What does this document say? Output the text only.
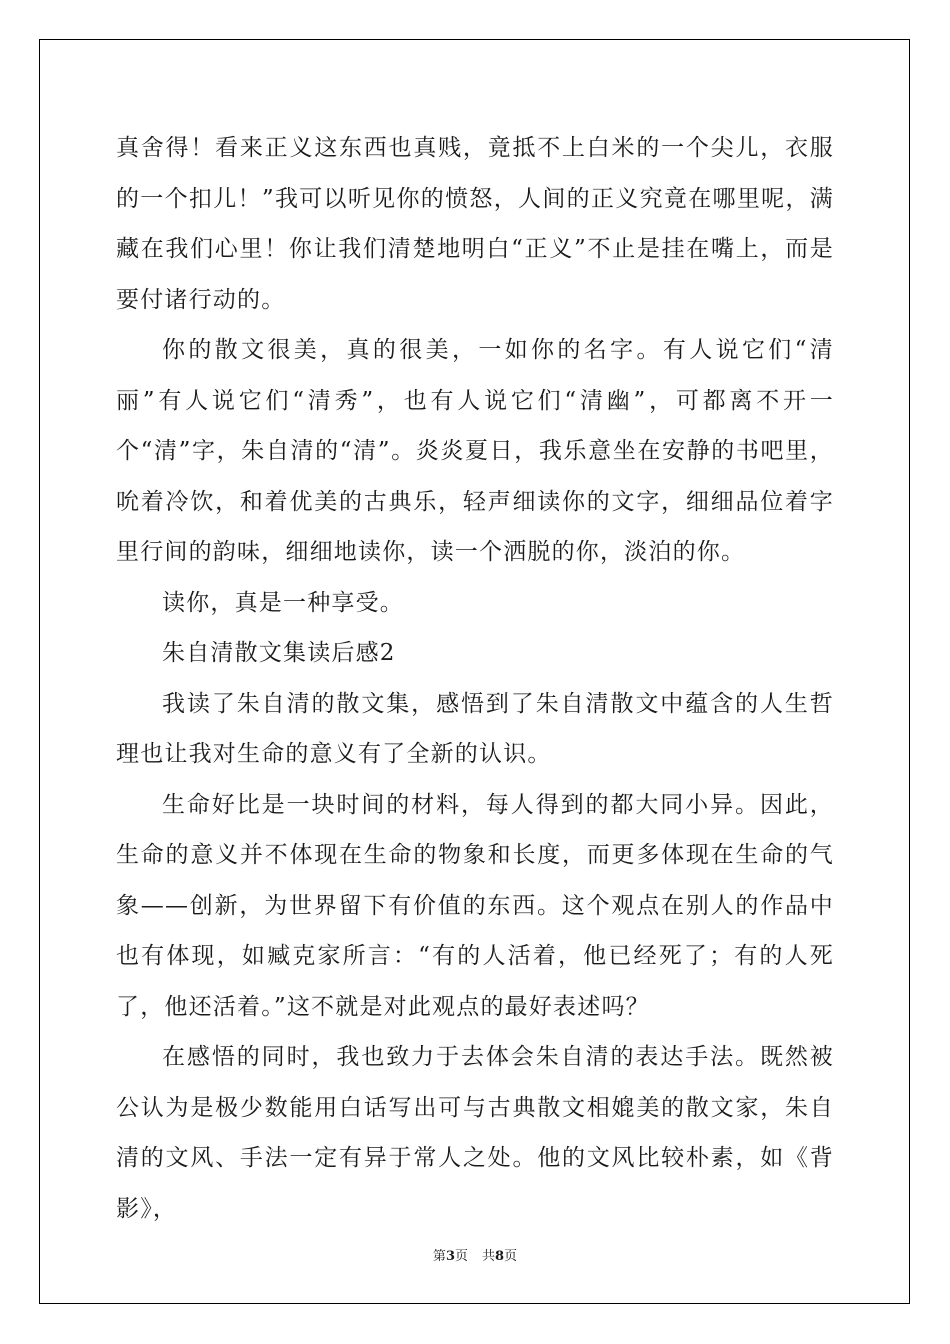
真舍得！看来正义这东西也真贱，竟抵不上白米的一个尖儿，衣服的一个扣儿！”我可以听见你的愤怒，人间的正义究竟在哪里呢，满藏在我们心里！你让我们清楚地明白“正义”不止是挂在嘴上，而是要付诸行动的。

你的散文很美，真的很美，一如你的名字。有人说它们“清丽”有人说它们“清秀”，也有人说它们“清幽”，可都离不开一个“清”字，朱自清的“清”。炎炎夏日，我乐意坐在安静的书吧里，吮着冷饮，和着优美的古典乐，轻声细读你的文字，细细品位着字里行间的韵味，细细地读你，读一个洒脱的你，淡泊的你。

读你，真是一种享受。

朱自清散文集读后感2

我读了朱自清的散文集，感悟到了朱自清散文中蕴含的人生哲理也让我对生命的意义有了全新的认识。

生命好比是一块时间的材料，每人得到的都大同小异。因此，生命的意义并不体现在生命的物象和长度，而更多体现在生命的气象——创新，为世界留下有价值的东西。这个观点在别人的作品中也有体现，如臧克家所言：“有的人活着，他已经死了；有的人死了，他还活着。”这不就是对此观点的最好表述吗？

在感悟的同时，我也致力于去体会朱自清的表达手法。既然被公认为是极少数能用白话写出可与古典散文相媲美的散文家，朱自清的文风、手法一定有异于常人之处。他的文风比较朴素，如《背影》，

第3页 共8页
